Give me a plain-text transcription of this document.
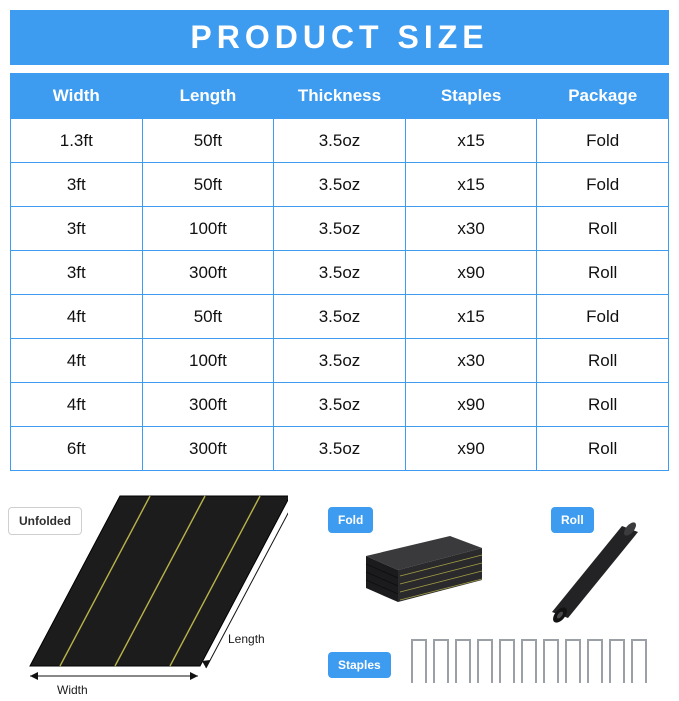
PRODUCT SIZE
Width	Length	Thickness	Staples	Package
1.3ft	50ft	3.5oz	x15	Fold
3ft	50ft	3.5oz	x15	Fold
3ft	100ft	3.5oz	x30	Roll
3ft	300ft	3.5oz	x90	Roll
4ft	50ft	3.5oz	x15	Fold
4ft	100ft	3.5oz	x30	Roll
4ft	300ft	3.5oz	x90	Roll
6ft	300ft	3.5oz	x90	Roll
Unfolded	Fold	Roll
Staples
Length
Width
